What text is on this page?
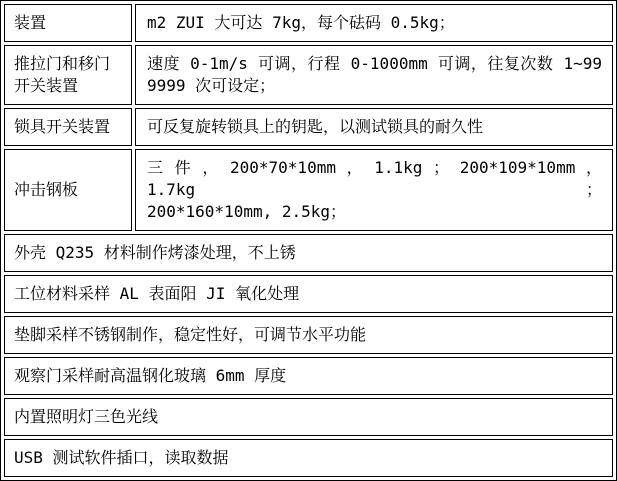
装置	m2 ZUI 大可达 7kg，每个砝码 0.5kg；
推拉门和移门开关装置	速度 0-1m/s 可调，行程 0-1000mm 可调，往复次数 1~999999 次可设定；
锁具开关装置	可反复旋转锁具上的钥匙，以测试锁具的耐久性
冲击钢板	三 件 ， 200*70*10mm ， 1.1kg ； 200*109*10mm ， 1.7kg ；
200*160*10mm, 2.5kg；

外壳 Q235 材料制作烤漆处理，不上锈	
工位材料采样 AL 表面阳 JI 氧化处理	
垫脚采样不锈钢制作，稳定性好，可调节水平功能	
观察门采样耐高温钢化玻璃 6mm 厚度	
内置照明灯三色光线	
USB 测试软件插口，读取数据	
